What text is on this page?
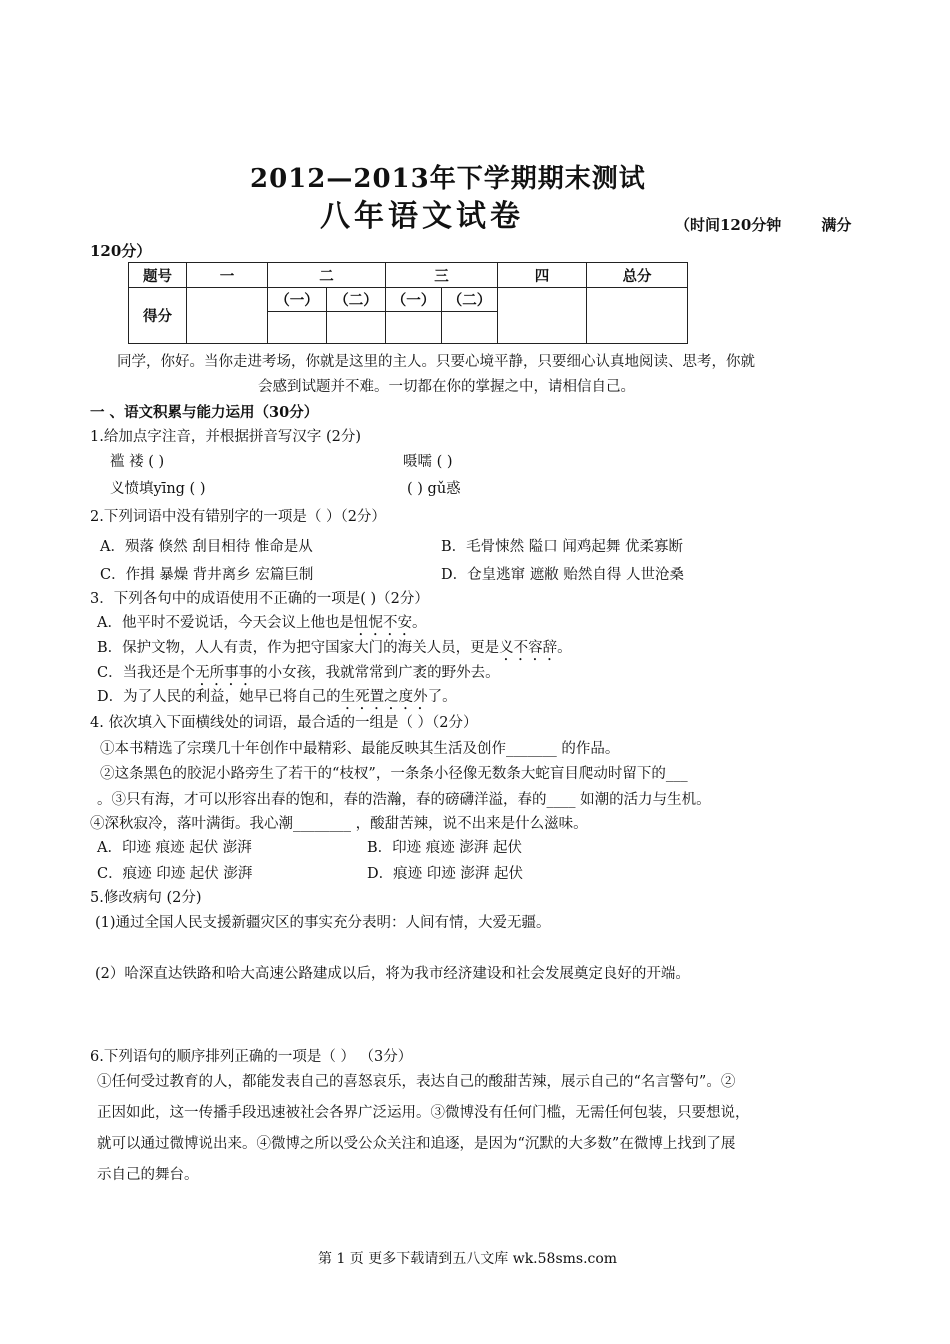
2012—2013年下学期期末测试
八年语文试卷	（时间120分钟	满分
120分）
题号	一	二		三		四	总分
得分		（一）	（二）	（一）	（二）		

同学，你好。当你走进考场，你就是这里的主人。只要心境平静，只要细心认真地阅读、思考，你就
会感到试题并不难。一切都在你的掌握之中，请相信自己。
一 、语文积累与能力运用（30分）
1.给加点字注音，并根据拼音写汉字 (2分)
褴 褛 ( )	嗫嚅 ( )
义愤填yīng ( )	( ) gǔ惑
2.下列词语中没有错别字的一项是（ ）（2分）
A．殒落 倏然 刮目相待 惟命是从	B．毛骨悚然 隘口 闻鸡起舞 优柔寡断
C．作揖 暴燥 背井离乡 宏篇巨制	D．仓皇逃窜 遮敝 贻然自得 人世沧桑
3．下列各句中的成语使用不正确的一项是( )（2分）
A．他平时不爱说话，今天会议上他也是忸怩不安。
B．保护文物，人人有责，作为把守国家大门的海关人员，更是义不容辞。
C．当我还是个无所事事的小女孩，我就常常到广袤的野外去。
D．为了人民的利益，她早已将自己的生死置之度外了。
4. 依次填入下面横线处的词语，最合适的一组是（ ）（2分）
①本书精选了宗璞几十年创作中最精彩、最能反映其生活及创作_______ 的作品。
②这条黑色的胶泥小路旁生了若干的“枝杈”，一条条小径像无数条大蛇盲目爬动时留下的___
。③只有海，才可以形容出春的饱和，春的浩瀚，春的磅礴洋溢，春的____ 如潮的活力与生机。
④深秋寂冷，落叶满街。我心潮________ ，酸甜苦辣，说不出来是什么滋味。
A．印迹 痕迹 起伏 澎湃	B．印迹 痕迹 澎湃 起伏
C．痕迹 印迹 起伏 澎湃	D．痕迹 印迹 澎湃 起伏
5.修改病句 (2分)
(1)通过全国人民支援新疆灾区的事实充分表明：人间有情，大爱无疆。
(2）哈深直达铁路和哈大高速公路建成以后，将为我市经济建设和社会发展奠定良好的开端。
6.下列语句的顺序排列正确的一项是（ ） （3分）
①任何受过教育的人，都能发表自己的喜怒哀乐，表达自己的酸甜苦辣，展示自己的“名言警句”。②
正因如此，这一传播手段迅速被社会各界广泛运用。③微博没有任何门槛，无需任何包装，只要想说，
就可以通过微博说出来。④微博之所以受公众关注和追逐，是因为“沉默的大多数”在微博上找到了展
示自己的舞台。
第 1 页 更多下载请到五八文库 wk.58sms.com
